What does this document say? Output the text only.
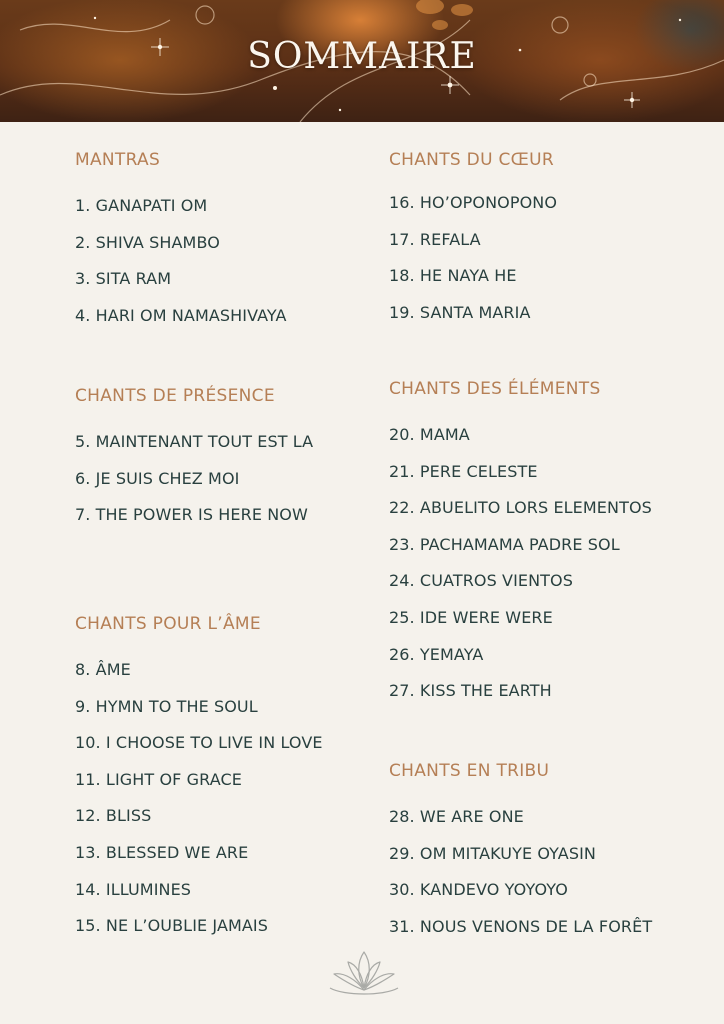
SOMMAIRE
MANTRAS
1. GANAPATI OM
2. SHIVA SHAMBO
3. SITA RAM
4. HARI OM NAMASHIVAYA
CHANTS DE PRÉSENCE
5. MAINTENANT TOUT EST LA
6. JE SUIS CHEZ MOI
7. THE POWER IS HERE NOW
CHANTS POUR L’ÂME
8. ÂME
9. HYMN TO THE SOUL
10. I CHOOSE TO LIVE IN LOVE
11. LIGHT OF GRACE
12. BLISS
13. BLESSED WE ARE
14. ILLUMINES
15. NE L’OUBLIE JAMAIS
CHANTS DU CŒUR
16. HO’OPONOPONO
17. REFALA
18. HE NAYA HE
19. SANTA MARIA
CHANTS DES ÉLÉMENTS
20. MAMA
21. PERE CELESTE
22. ABUELITO LORS ELEMENTOS
23. PACHAMAMA PADRE SOL
24. CUATROS VIENTOS
25. IDE WERE WERE
26. YEMAYA
27. KISS THE EARTH
CHANTS EN TRIBU
28. WE ARE ONE
29. OM MITAKUYE OYASIN
30. KANDEVO YOYOYO
31. NOUS VENONS DE LA FORÊT
